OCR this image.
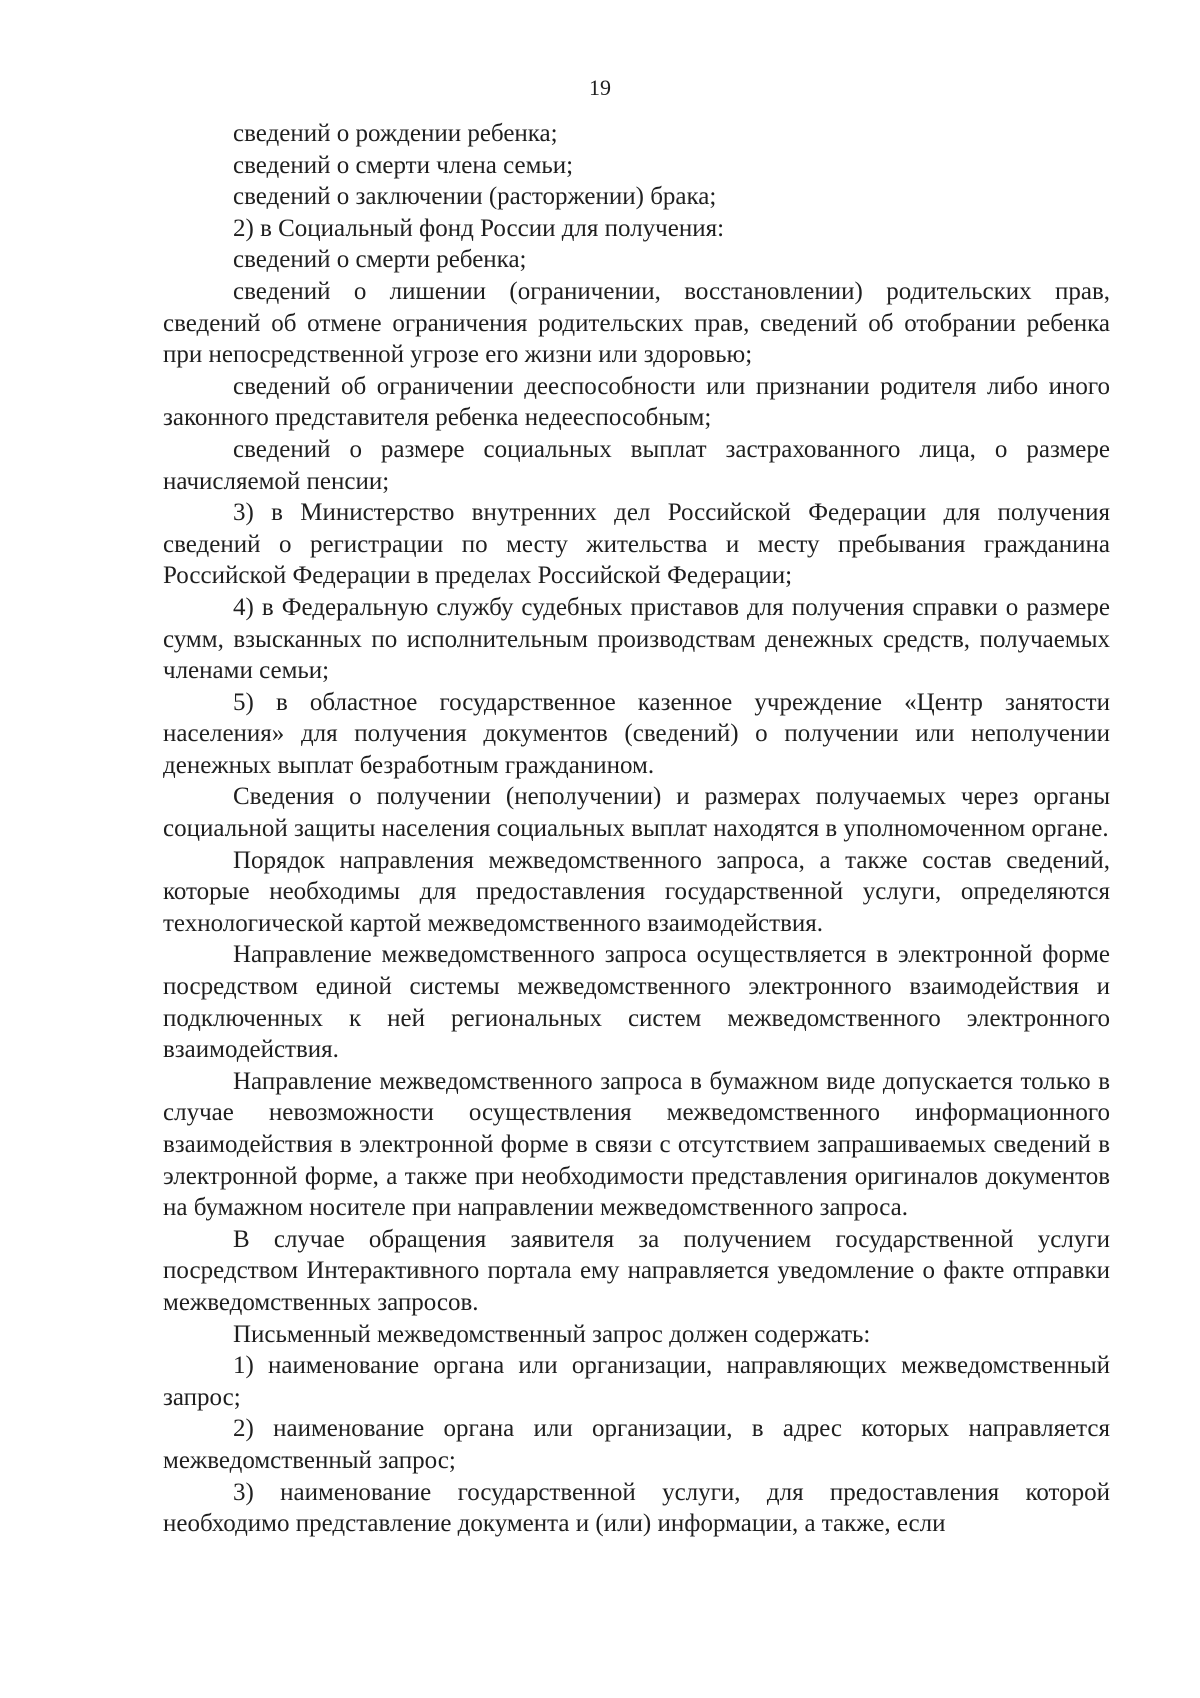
19

сведений о рождении ребенка;

сведений о смерти члена семьи;

сведений о заключении (расторжении) брака;

2) в Социальный фонд России для получения:

сведений о смерти ребенка;

сведений о лишении (ограничении, восстановлении) родительских прав, сведений об отмене ограничения родительских прав, сведений об отобрании ребенка при непосредственной угрозе его жизни или здоровью;

сведений об ограничении дееспособности или признании родителя либо иного законного представителя ребенка недееспособным;

сведений о размере социальных выплат застрахованного лица, о размере начисляемой пенсии;

3) в Министерство внутренних дел Российской Федерации для получения сведений о регистрации по месту жительства и месту пребывания гражданина Российской Федерации в пределах Российской Федерации;

4) в Федеральную службу судебных приставов для получения справки о размере сумм, взысканных по исполнительным производствам денежных средств, получаемых членами семьи;

5) в областное государственное казенное учреждение «Центр занятости населения» для получения документов (сведений) о получении или неполучении денежных выплат безработным гражданином.

Сведения о получении (неполучении) и размерах получаемых через органы социальной защиты населения социальных выплат находятся в уполномоченном органе.

Порядок направления межведомственного запроса, а также состав сведений, которые необходимы для предоставления государственной услуги, определяются технологической картой межведомственного взаимодействия.

Направление межведомственного запроса осуществляется в электронной форме посредством единой системы межведомственного электронного взаимодействия и подключенных к ней региональных систем межведомственного электронного взаимодействия.

Направление межведомственного запроса в бумажном виде допускается только в случае невозможности осуществления межведомственного информационного взаимодействия в электронной форме в связи с отсутствием запрашиваемых сведений в электронной форме, а также при необходимости представления оригиналов документов на бумажном носителе при направлении межведомственного запроса.

В случае обращения заявителя за получением государственной услуги посредством Интерактивного портала ему направляется уведомление о факте отправки межведомственных запросов.

Письменный межведомственный запрос должен содержать:

1) наименование органа или организации, направляющих межведомственный запрос;

2) наименование органа или организации, в адрес которых направляется межведомственный запрос;

3) наименование государственной услуги, для предоставления которой необходимо представление документа и (или) информации, а также, если
